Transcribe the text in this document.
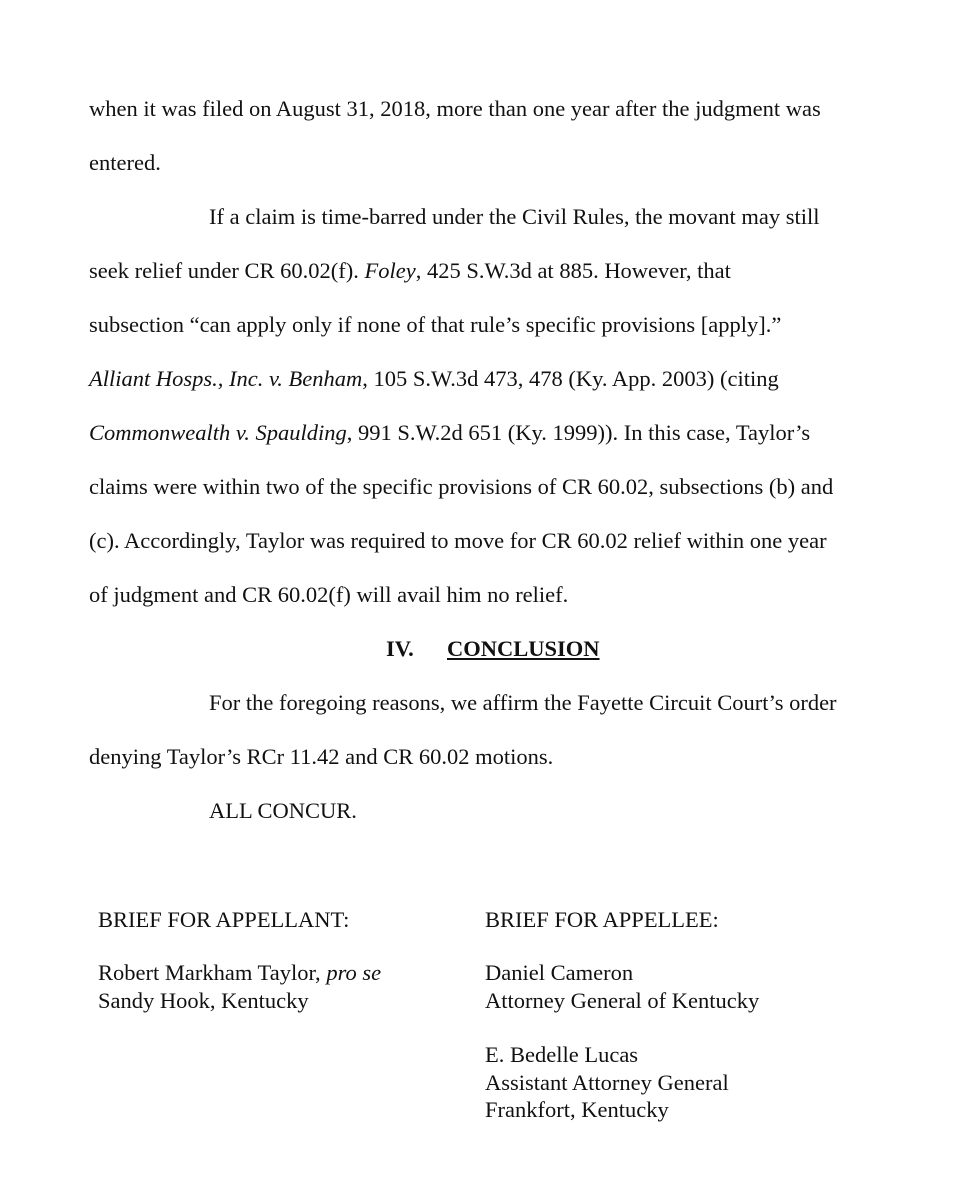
when it was filed on August 31, 2018, more than one year after the judgment was
entered.
If a claim is time-barred under the Civil Rules, the movant may still
seek relief under CR 60.02(f). Foley, 425 S.W.3d at 885. However, that
subsection “can apply only if none of that rule’s specific provisions [apply].”
Alliant Hosps., Inc. v. Benham, 105 S.W.3d 473, 478 (Ky. App. 2003) (citing
Commonwealth v. Spaulding, 991 S.W.2d 651 (Ky. 1999)). In this case, Taylor’s
claims were within two of the specific provisions of CR 60.02, subsections (b) and
(c). Accordingly, Taylor was required to move for CR 60.02 relief within one year
of judgment and CR 60.02(f) will avail him no relief.
IV. CONCLUSION
For the foregoing reasons, we affirm the Fayette Circuit Court’s order
denying Taylor’s RCr 11.42 and CR 60.02 motions.
ALL CONCUR.
BRIEF FOR APPELLANT:
Robert Markham Taylor, pro se
Sandy Hook, Kentucky
BRIEF FOR APPELLEE:
Daniel Cameron
Attorney General of Kentucky
E. Bedelle Lucas
Assistant Attorney General
Frankfort, Kentucky
